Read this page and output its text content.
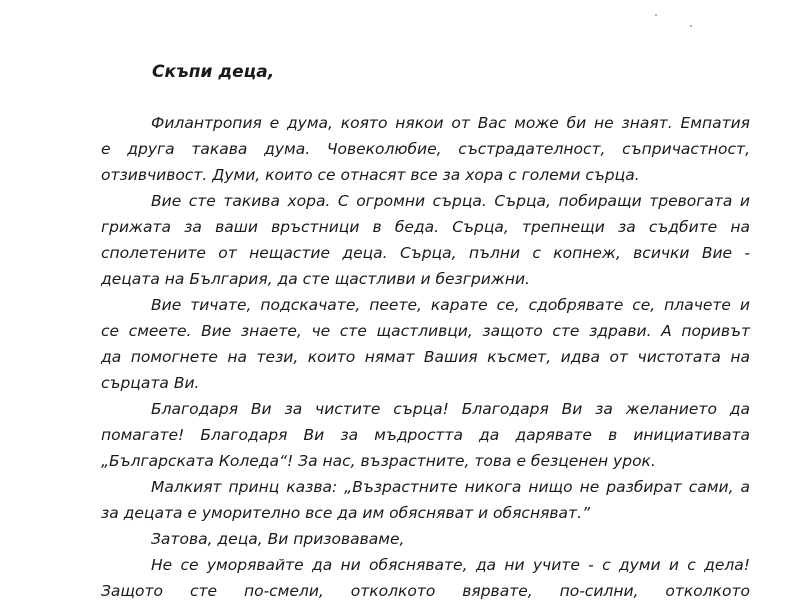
Скъпи деца,
Филантропия е дума, която някои от Вас може би не знаят. Емпатия
е друга такава дума. Човеколюбие, състрадателност, съпричастност,
отзивчивост. Думи, които се отнасят все за хора с големи сърца.
Вие сте такива хора. С огромни сърца. Сърца, побиращи тревогата и
грижата за ваши връстници в беда. Сърца, трепнещи за съдбите на
сполетените от нещастие деца. Сърца, пълни с копнеж, всички Вие -
децата на България, да сте щастливи и безгрижни.
Вие тичате, подскачате, пеете, карате се, сдобрявате се, плачете и
се смеете. Вие знаете, че сте щастливци, защото сте здрави. А поривът
да помогнете на тези, които нямат Вашия късмет, идва от чистотата на
сърцата Ви.
Благодаря Ви за чистите сърца! Благодаря Ви за желанието да
помагате! Благодаря Ви за мъдростта да дарявате в инициативата
„Българската Коледа“! За нас, възрастните, това е безценен урок.
Малкият принц казва: „Възрастните никога нищо не разбират сами, а
за децата е уморително все да им обясняват и обясняват.”
Затова, деца, Ви призоваваме,
Не се уморявайте да ни обяснявате, да ни учите - с думи и с дела!
Защото сте по-смели, отколкото вярвате, по-силни, отколкото
